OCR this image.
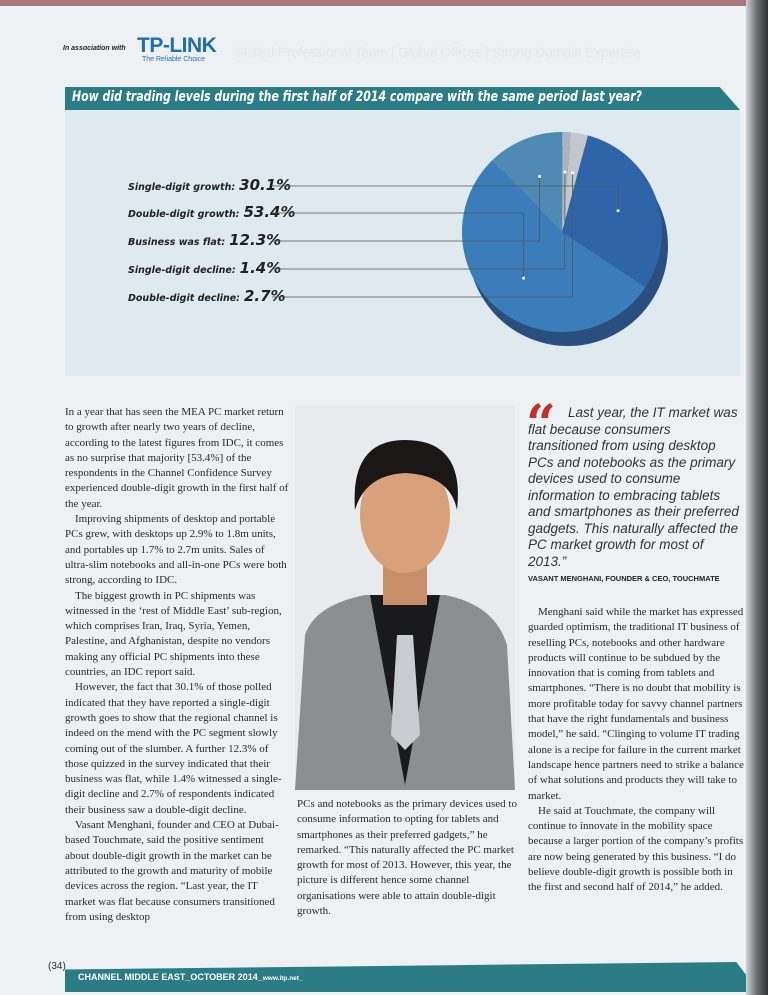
Skilled Professional Team | Global Offices | Strong Domain Expertise
In association with TP-LINK
The Reliable Choice
How did trading levels during the first half of 2014 compare with the same period last year?
Single-digit growth: 30.1%
Double-digit growth: 53.4%
Business was flat: 12.3%
Single-digit decline: 1.4%
Double-digit decline: 2.7%

In a year that has seen the MEA PC market return to growth after nearly two years of decline, according to the latest figures from IDC, it comes as no surprise that majority [53.4%] of the respondents in the Channel Confidence Survey experienced double-digit growth in the first half of the year.

Improving shipments of desktop and portable PCs grew, with desktops up 2.9% to 1.8m units, and portables up 1.7% to 2.7m units. Sales of ultra-slim notebooks and all-in-one PCs were both strong, according to IDC.

The biggest growth in PC shipments was witnessed in the ‘rest of Middle East’ sub-region, which comprises Iran, Iraq, Syria, Yemen, Palestine, and Afghanistan, despite no vendors making any official PC shipments into these countries, an IDC report said.

However, the fact that 30.1% of those polled indicated that they have reported a single-digit growth goes to show that the regional channel is indeed on the mend with the PC segment slowly coming out of the slumber. A further 12.3% of those quizzed in the survey indicated that their business was flat, while 1.4% witnessed a single-digit decline and 2.7% of respondents indicated their business saw a double-digit decline.

Vasant Menghani, founder and CEO at Dubai-based Touchmate, said the positive sentiment about double-digit growth in the market can be attributed to the growth and maturity of mobile devices across the region. “Last year, the IT market was flat because consumers transitioned from using desktop

PCs and notebooks as the primary devices used to consume information to opting for tablets and smartphones as their preferred gadgets,” he remarked. “This naturally affected the PC market growth for most of 2013. However, this year, the picture is different hence some channel organisations were able to attain double-digit growth.

“ Last year, the IT market was flat because consumers transitioned from using desktop PCs and notebooks as the primary devices used to consume information to embracing tablets and smartphones as their preferred gadgets. This naturally affected the PC market growth for most of 2013.”
VASANT MENGHANI, FOUNDER & CEO, TOUCHMATE

Menghani said while the market has expressed guarded optimism, the traditional IT business of reselling PCs, notebooks and other hardware products will continue to be subdued by the innovation that is coming from tablets and smartphones. “There is no doubt that mobility is more profitable today for savvy channel partners that have the right fundamentals and business model,” he said. “Clinging to volume IT trading alone is a recipe for failure in the current market landscape hence partners need to strike a balance of what solutions and products they will take to market.

He said at Touchmate, the company will continue to innovate in the mobility space because a larger portion of the company’s profits are now being generated by this business. “I do believe double-digit growth is possible both in the first and second half of 2014,” he added.

(34)
CHANNEL MIDDLE EAST_OCTOBER 2014_www.itp.net_
